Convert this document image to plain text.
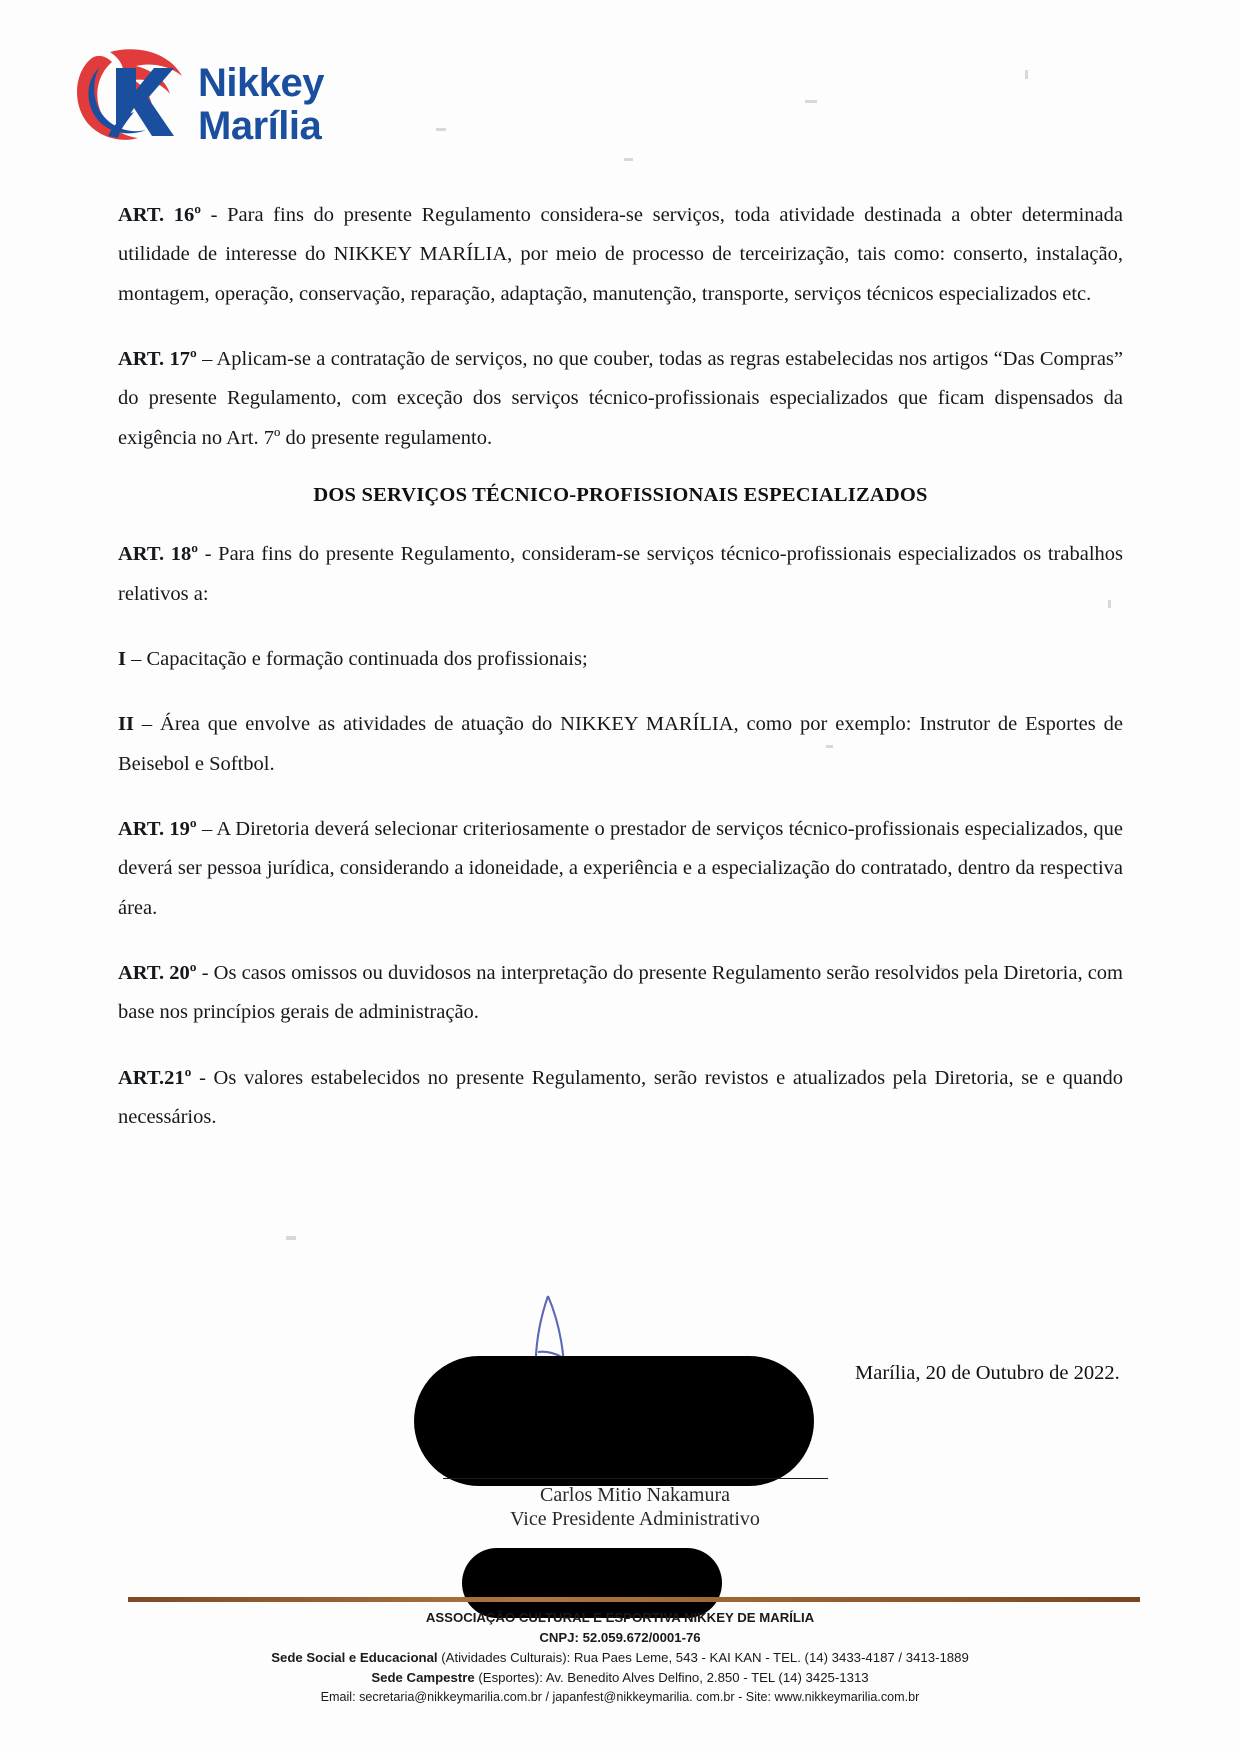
Nikkey
Marília

ART. 16º - Para fins do presente Regulamento considera-se serviços, toda atividade destinada a obter determinada utilidade de interesse do NIKKEY MARÍLIA, por meio de processo de terceirização, tais como: conserto, instalação, montagem, operação, conservação, reparação, adaptação, manutenção, transporte, serviços técnicos especializados etc.

ART. 17º – Aplicam-se a contratação de serviços, no que couber, todas as regras estabelecidas nos artigos “Das Compras” do presente Regulamento, com exceção dos serviços técnico-profissionais especializados que ficam dispensados da exigência no Art. 7º do presente regulamento.

DOS SERVIÇOS TÉCNICO-PROFISSIONAIS ESPECIALIZADOS

ART. 18º - Para fins do presente Regulamento, consideram-se serviços técnico-profissionais especializados os trabalhos relativos a:

I – Capacitação e formação continuada dos profissionais;

II – Área que envolve as atividades de atuação do NIKKEY MARÍLIA, como por exemplo: Instrutor de Esportes de Beisebol e Softbol.

ART. 19º – A Diretoria deverá selecionar criteriosamente o prestador de serviços técnico-profissionais especializados, que deverá ser pessoa jurídica, considerando a idoneidade, a experiência e a especialização do contratado, dentro da respectiva área.

ART. 20º - Os casos omissos ou duvidosos na interpretação do presente Regulamento serão resolvidos pela Diretoria, com base nos princípios gerais de administração.

ART.21º - Os valores estabelecidos no presente Regulamento, serão revistos e atualizados pela Diretoria, se e quando necessários.

Marília, 20 de Outubro de 2022.
Carlos Mitio Nakamura
Vice Presidente Administrativo
ASSOCIAÇÃO CULTURAL E ESPORTIVA NIKKEY DE MARÍLIA
CNPJ: 52.059.672/0001-76
Sede Social e Educacional (Atividades Culturais): Rua Paes Leme, 543 - KAI KAN - TEL. (14) 3433-4187 / 3413-1889
Sede Campestre (Esportes): Av. Benedito Alves Delfino, 2.850 - TEL (14) 3425-1313
Email: secretaria@nikkeymarilia.com.br / japanfest@nikkeymarilia. com.br - Site: www.nikkeymarilia.com.br
